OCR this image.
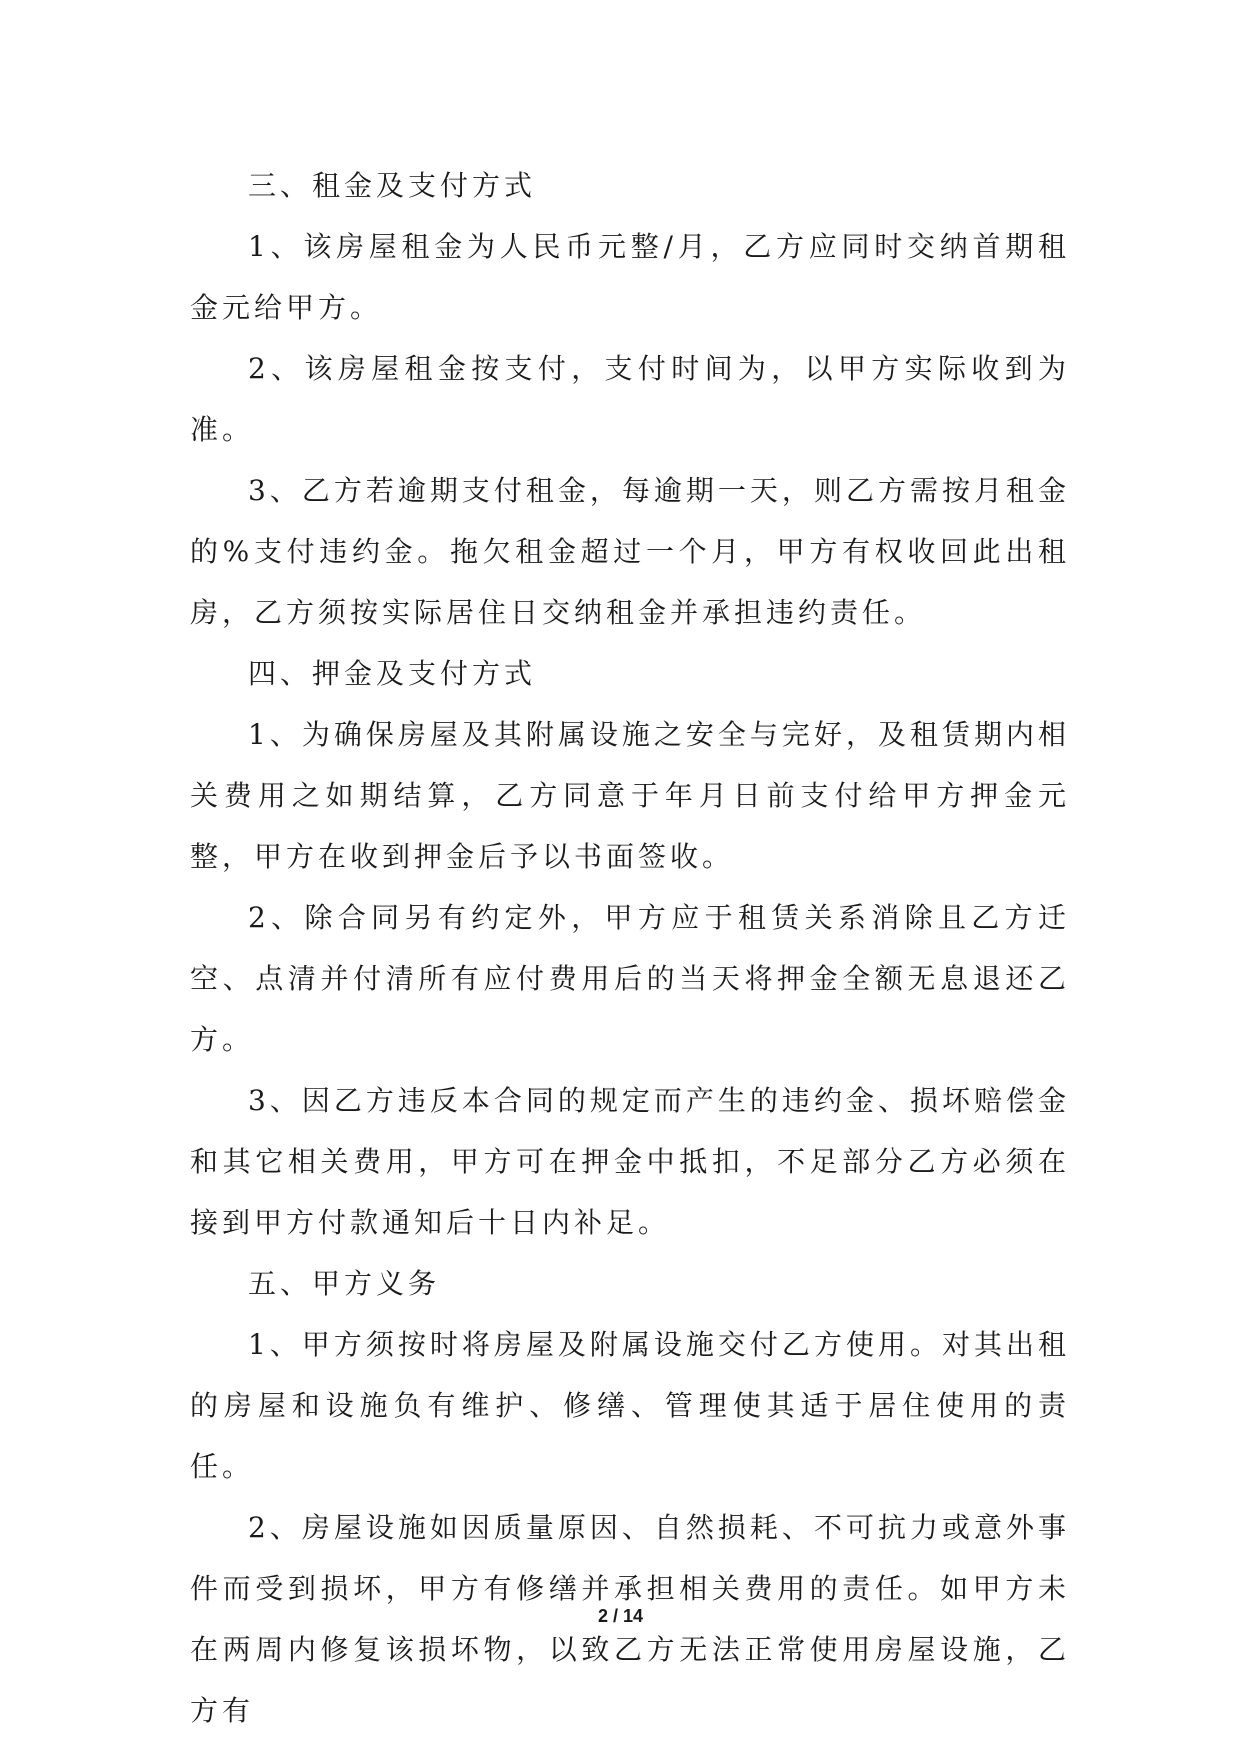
三、租金及支付方式

1、该房屋租金为人民币元整/月，乙方应同时交纳首期租金元给甲方。

2、该房屋租金按支付，支付时间为，以甲方实际收到为准。

3、乙方若逾期支付租金，每逾期一天，则乙方需按月租金的%支付违约金。拖欠租金超过一个月，甲方有权收回此出租房，乙方须按实际居住日交纳租金并承担违约责任。

四、押金及支付方式

1、为确保房屋及其附属设施之安全与完好，及租赁期内相关费用之如期结算，乙方同意于年月日前支付给甲方押金元整，甲方在收到押金后予以书面签收。

2、除合同另有约定外，甲方应于租赁关系消除且乙方迁空、点清并付清所有应付费用后的当天将押金全额无息退还乙方。

3、因乙方违反本合同的规定而产生的违约金、损坏赔偿金和其它相关费用，甲方可在押金中抵扣，不足部分乙方必须在接到甲方付款通知后十日内补足。

五、甲方义务

1、甲方须按时将房屋及附属设施交付乙方使用。对其出租的房屋和设施负有维护、修缮、管理使其适于居住使用的责任。

2、房屋设施如因质量原因、自然损耗、不可抗力或意外事件而受到损坏，甲方有修缮并承担相关费用的责任。如甲方未在两周内修复该损坏物，以致乙方无法正常使用房屋设施，乙方有

2 / 14
